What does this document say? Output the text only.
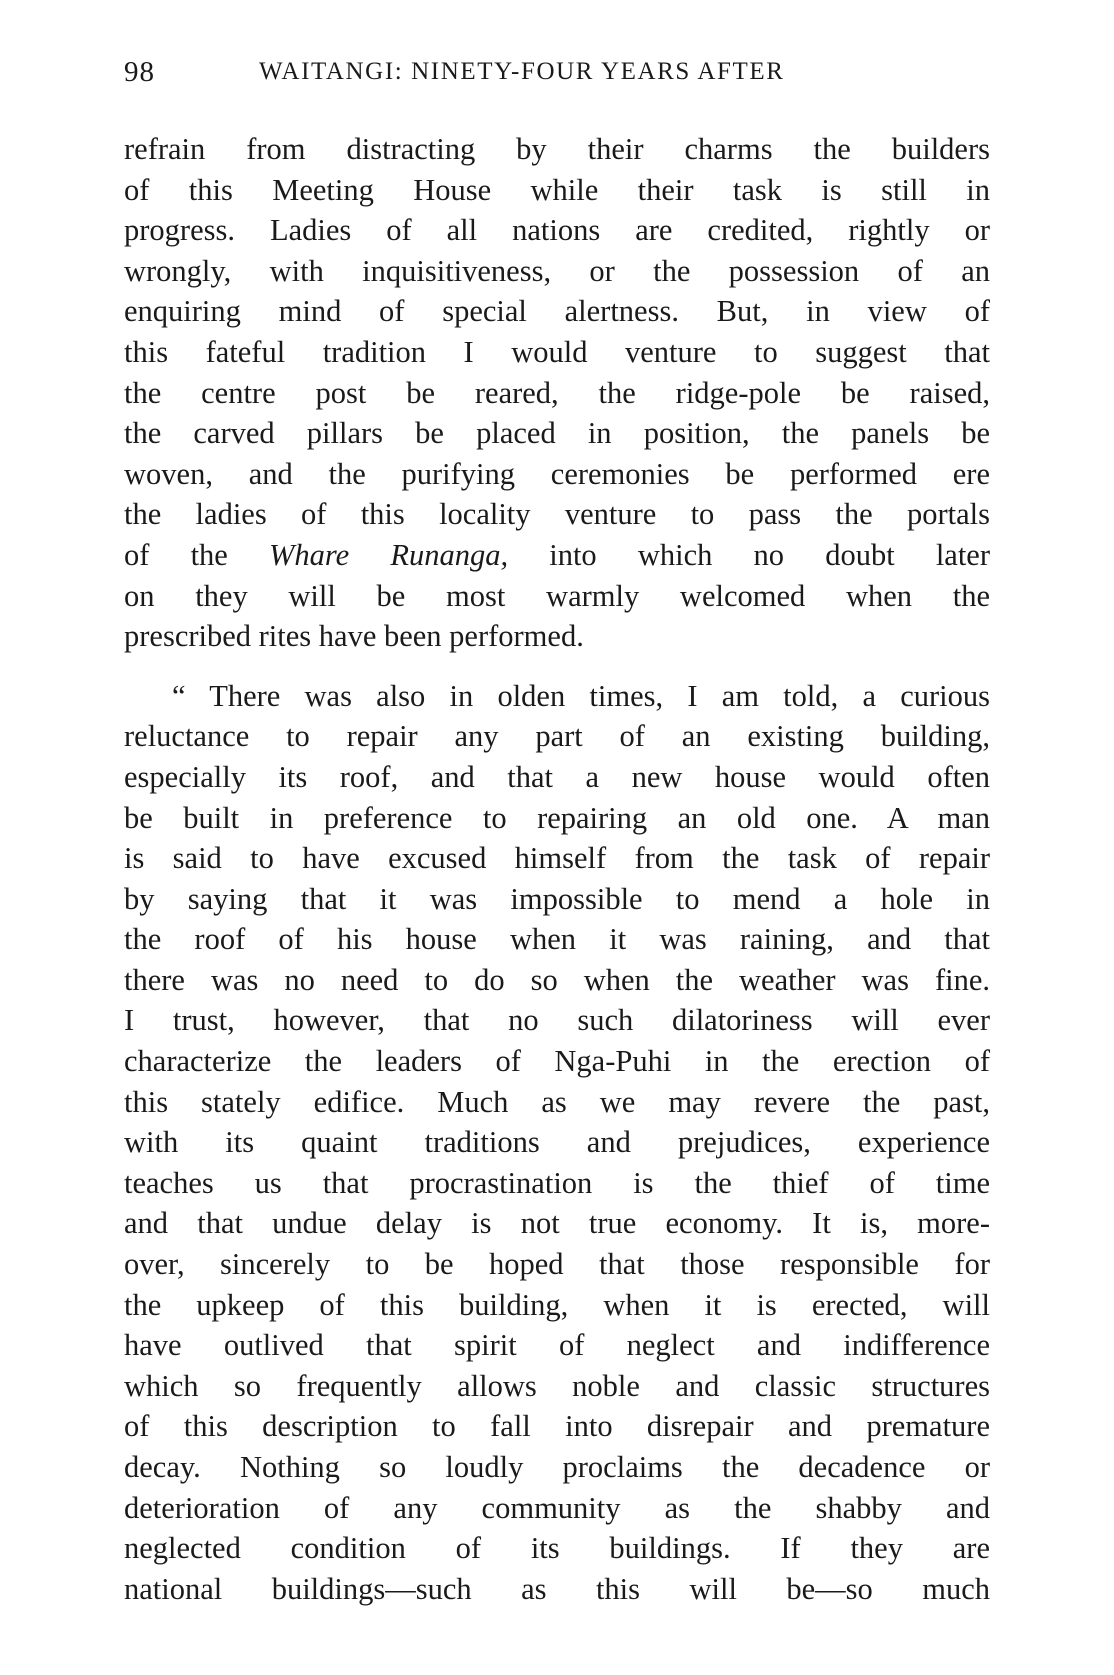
98	WAITANGI: NINETY-FOUR YEARS AFTER
refrain from distracting by their charms the builders
of this Meeting House while their task is still in
progress. Ladies of all nations are credited, rightly or
wrongly, with inquisitiveness, or the possession of an
enquiring mind of special alertness. But, in view of
this fateful tradition I would venture to suggest that
the centre post be reared, the ridge-pole be raised,
the carved pillars be placed in position, the panels be
woven, and the purifying ceremonies be performed ere
the ladies of this locality venture to pass the portals
of the Whare Runanga, into which no doubt later
on they will be most warmly welcomed when the
prescribed rites have been performed.
“ There was also in olden times, I am told, a curious
reluctance to repair any part of an existing building,
especially its roof, and that a new house would often
be built in preference to repairing an old one. A man
is said to have excused himself from the task of repair
by saying that it was impossible to mend a hole in
the roof of his house when it was raining, and that
there was no need to do so when the weather was fine.
I trust, however, that no such dilatoriness will ever
characterize the leaders of Nga-Puhi in the erection of
this stately edifice. Much as we may revere the past,
with its quaint traditions and prejudices, experience
teaches us that procrastination is the thief of time
and that undue delay is not true economy. It is, more-
over, sincerely to be hoped that those responsible for
the upkeep of this building, when it is erected, will
have outlived that spirit of neglect and indifference
which so frequently allows noble and classic structures
of this description to fall into disrepair and premature
decay. Nothing so loudly proclaims the decadence or
deterioration of any community as the shabby and
neglected condition of its buildings. If they are
national buildings—such as this will be—so much
